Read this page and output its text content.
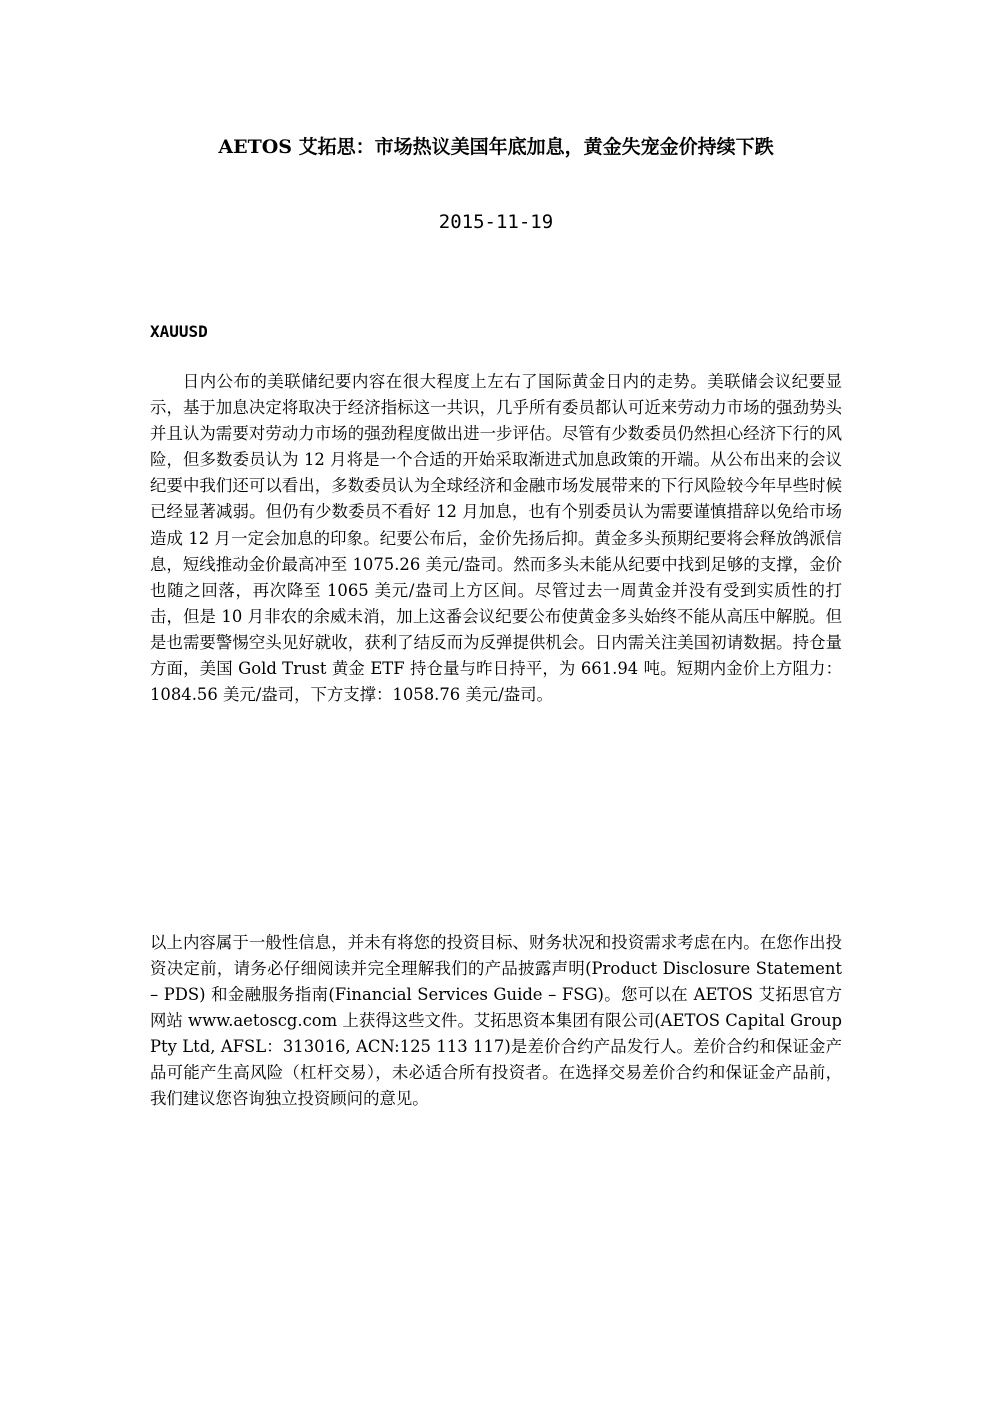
AETOS 艾拓思：市场热议美国年底加息，黄金失宠金价持续下跌
2015-11-19
XAUUSD

日内公布的美联储纪要内容在很大程度上左右了国际黄金日内的走势。美联储会议纪要显示，基于加息决定将取决于经济指标这一共识，几乎所有委员都认可近来劳动力市场的强劲势头并且认为需要对劳动力市场的强劲程度做出进一步评估。尽管有少数委员仍然担心经济下行的风险，但多数委员认为 12 月将是一个合适的开始采取渐进式加息政策的开端。从公布出来的会议纪要中我们还可以看出，多数委员认为全球经济和金融市场发展带来的下行风险较今年早些时候已经显著减弱。但仍有少数委员不看好 12 月加息，也有个别委员认为需要谨慎措辞以免给市场造成 12 月一定会加息的印象。纪要公布后，金价先扬后抑。黄金多头预期纪要将会释放鸽派信息，短线推动金价最高冲至 1075.26 美元/盎司。然而多头未能从纪要中找到足够的支撑，金价也随之回落，再次降至 1065 美元/盎司上方区间。尽管过去一周黄金并没有受到实质性的打击，但是 10 月非农的余威未消，加上这番会议纪要公布使黄金多头始终不能从高压中解脱。但是也需要警惕空头见好就收，获利了结反而为反弹提供机会。日内需关注美国初请数据。持仓量方面，美国 Gold Trust 黄金 ETF 持仓量与昨日持平，为 661.94 吨。短期内金价上方阻力：1084.56 美元/盎司，下方支撑：1058.76 美元/盎司。

以上内容属于一般性信息，并未有将您的投资目标、财务状况和投资需求考虑在内。在您作出投资决定前，请务必仔细阅读并完全理解我们的产品披露声明(Product Disclosure Statement – PDS) 和金融服务指南(Financial Services Guide – FSG)。您可以在 AETOS 艾拓思官方网站 www.aetoscg.com 上获得这些文件。艾拓思资本集团有限公司(AETOS Capital Group Pty Ltd, AFSL：313016, ACN:125 113 117)是差价合约产品发行人。差价合约和保证金产品可能产生高风险（杠杆交易），未必适合所有投资者。在选择交易差价合约和保证金产品前，我们建议您咨询独立投资顾问的意见。
